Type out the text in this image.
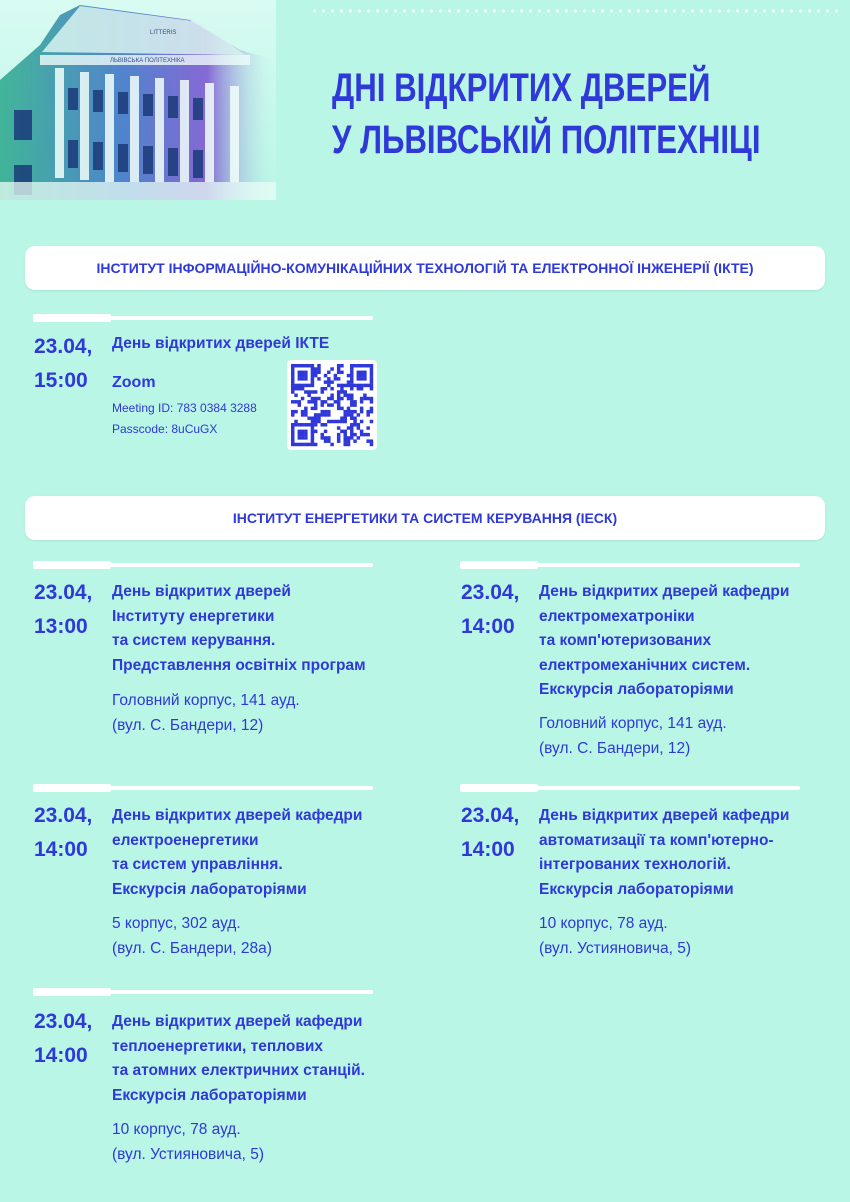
LITTERIS
ЛЬВІВСЬКА ПОЛІТЕХНІКА
ДНІ ВІДКРИТИХ ДВЕРЕЙ
У ЛЬВІВСЬКІЙ ПОЛІТЕХНІЦІ
ІНСТИТУТ ІНФОРМАЦІЙНО-КОМУНІКАЦІЙНИХ ТЕХНОЛОГІЙ ТА ЕЛЕКТРОННОЇ ІНЖЕНЕРІЇ (ІКТЕ)
23.04,
15:00
День відкритих дверей ІКТЕ
Zoom
Meeting ID: 783 0384 3288
Passcode: 8uCuGX
ІНСТИТУТ ЕНЕРГЕТИКИ ТА СИСТЕМ КЕРУВАННЯ (ІЕСК)
23.04,
13:00
День відкритих дверей
Інституту енергетики
та систем керування.
Представлення освітніх програм
Головний корпус, 141 ауд.
(вул. С. Бандери, 12)
23.04,
14:00
День відкритих дверей кафедри
електромехатроніки
та комп'ютеризованих
електромеханічних систем.
Екскурсія лабораторіями
Головний корпус, 141 ауд.
(вул. С. Бандери, 12)
23.04,
14:00
День відкритих дверей кафедри
електроенергетики
та систем управління.
Екскурсія лабораторіями
5 корпус, 302 ауд.
(вул. С. Бандери, 28а)
23.04,
14:00
День відкритих дверей кафедри
автоматизації та комп'ютерно-
інтегрованих технологій.
Екскурсія лабораторіями
10 корпус, 78 ауд.
(вул. Устияновича, 5)
23.04,
14:00
День відкритих дверей кафедри
теплоенергетики, теплових
та атомних електричних станцій.
Екскурсія лабораторіями
10 корпус, 78 ауд.
(вул. Устияновича, 5)
